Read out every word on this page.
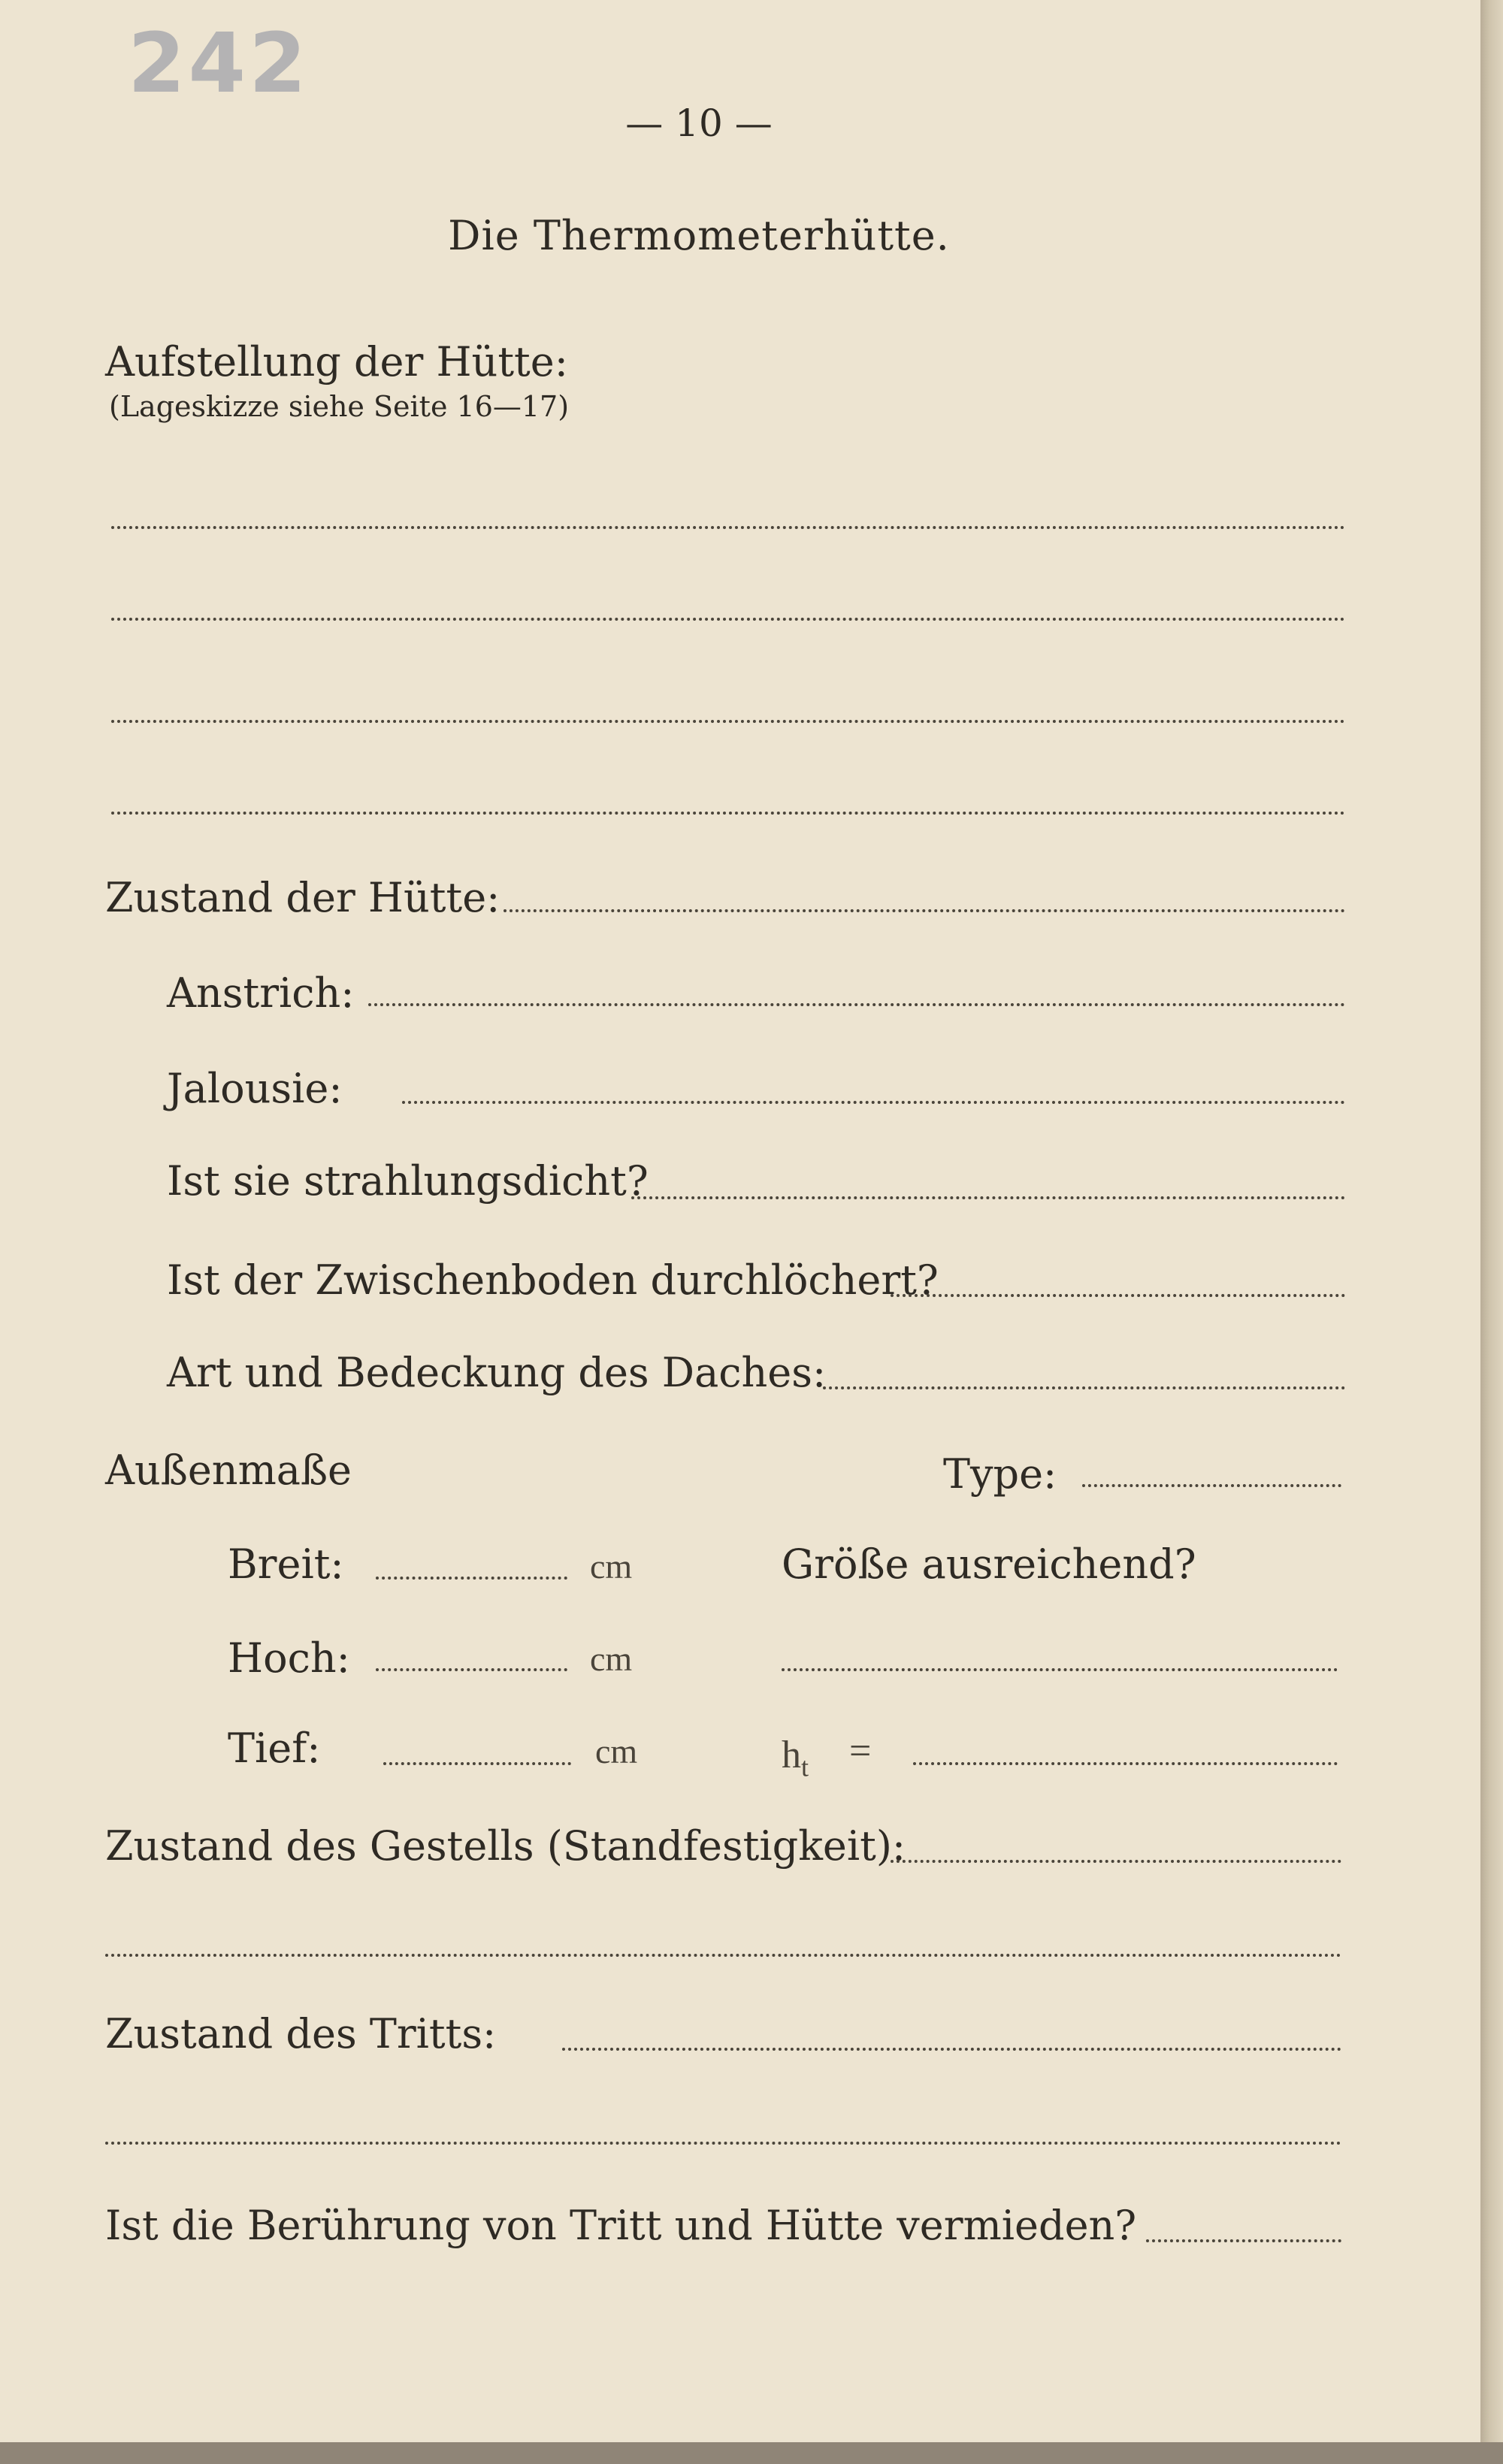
242
— 10 —
Die Thermometerhütte.
Aufstellung der Hütte:
(Lageskizze siehe Seite 16—17)
Zustand der Hütte:
Anstrich:
Jalousie:
Ist sie strahlungsdicht?
Ist der Zwischenboden durchlöchert?
Art und Bedeckung des Daches:
Außenmaße	Type:
Breit:	cm	Größe ausreichend?
Hoch:	cm
Tief:	cm	$h_t$ =
Zustand des Gestells (Standfestigkeit):
Zustand des Tritts:
Ist die Berührung von Tritt und Hütte vermieden?
